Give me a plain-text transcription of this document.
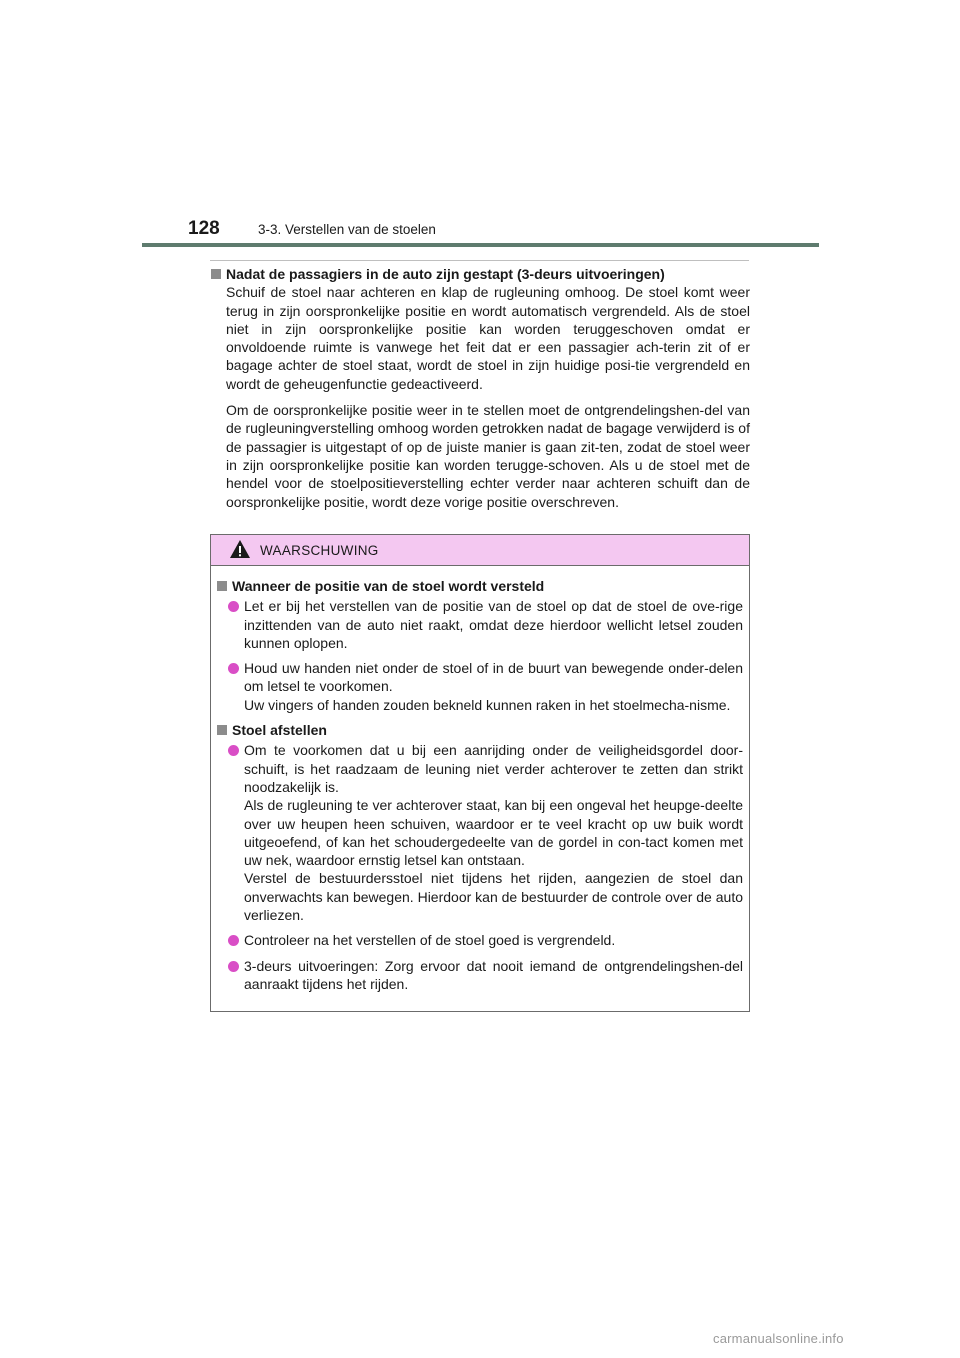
128	3-3. Verstellen van de stoelen
Nadat de passagiers in de auto zijn gestapt (3-deurs uitvoeringen)

Schuif de stoel naar achteren en klap de rugleuning omhoog. De stoel komt weer terug in zijn oorspronkelijke positie en wordt automatisch vergrendeld. Als de stoel niet in zijn oorspronkelijke positie kan worden teruggeschoven omdat er onvoldoende ruimte is vanwege het feit dat er een passagier ach-terin zit of er bagage achter de stoel staat, wordt de stoel in zijn huidige posi-tie vergrendeld en wordt de geheugenfunctie gedeactiveerd.

Om de oorspronkelijke positie weer in te stellen moet de ontgrendelingshen-del van de rugleuningverstelling omhoog worden getrokken nadat de bagage verwijderd is of de passagier is uitgestapt of op de juiste manier is gaan zit-ten, zodat de stoel weer in zijn oorspronkelijke positie kan worden terugge-schoven. Als u de stoel met de hendel voor de stoelpositieverstelling echter verder naar achteren schuift dan de oorspronkelijke positie, wordt deze vorige positie overschreven.

WAARSCHUWING
Wanneer de positie van de stoel wordt versteld

Let er bij het verstellen van de positie van de stoel op dat de stoel de ove-rige inzittenden van de auto niet raakt, omdat deze hierdoor wellicht letsel zouden kunnen oplopen.

Houd uw handen niet onder de stoel of in de buurt van bewegende onder-delen om letsel te voorkomen.

Uw vingers of handen zouden bekneld kunnen raken in het stoelmecha-nisme.

Stoel afstellen

Om te voorkomen dat u bij een aanrijding onder de veiligheidsgordel door-schuift, is het raadzaam de leuning niet verder achterover te zetten dan strikt noodzakelijk is.

Als de rugleuning te ver achterover staat, kan bij een ongeval het heupge-deelte over uw heupen heen schuiven, waardoor er te veel kracht op uw buik wordt uitgeoefend, of kan het schoudergedeelte van de gordel in con-tact komen met uw nek, waardoor ernstig letsel kan ontstaan.

Verstel de bestuurdersstoel niet tijdens het rijden, aangezien de stoel dan onverwachts kan bewegen. Hierdoor kan de bestuurder de controle over de auto verliezen.

Controleer na het verstellen of de stoel goed is vergrendeld.

3-deurs uitvoeringen: Zorg ervoor dat nooit iemand de ontgrendelingshen-del aanraakt tijdens het rijden.

carmanualsonline.info
